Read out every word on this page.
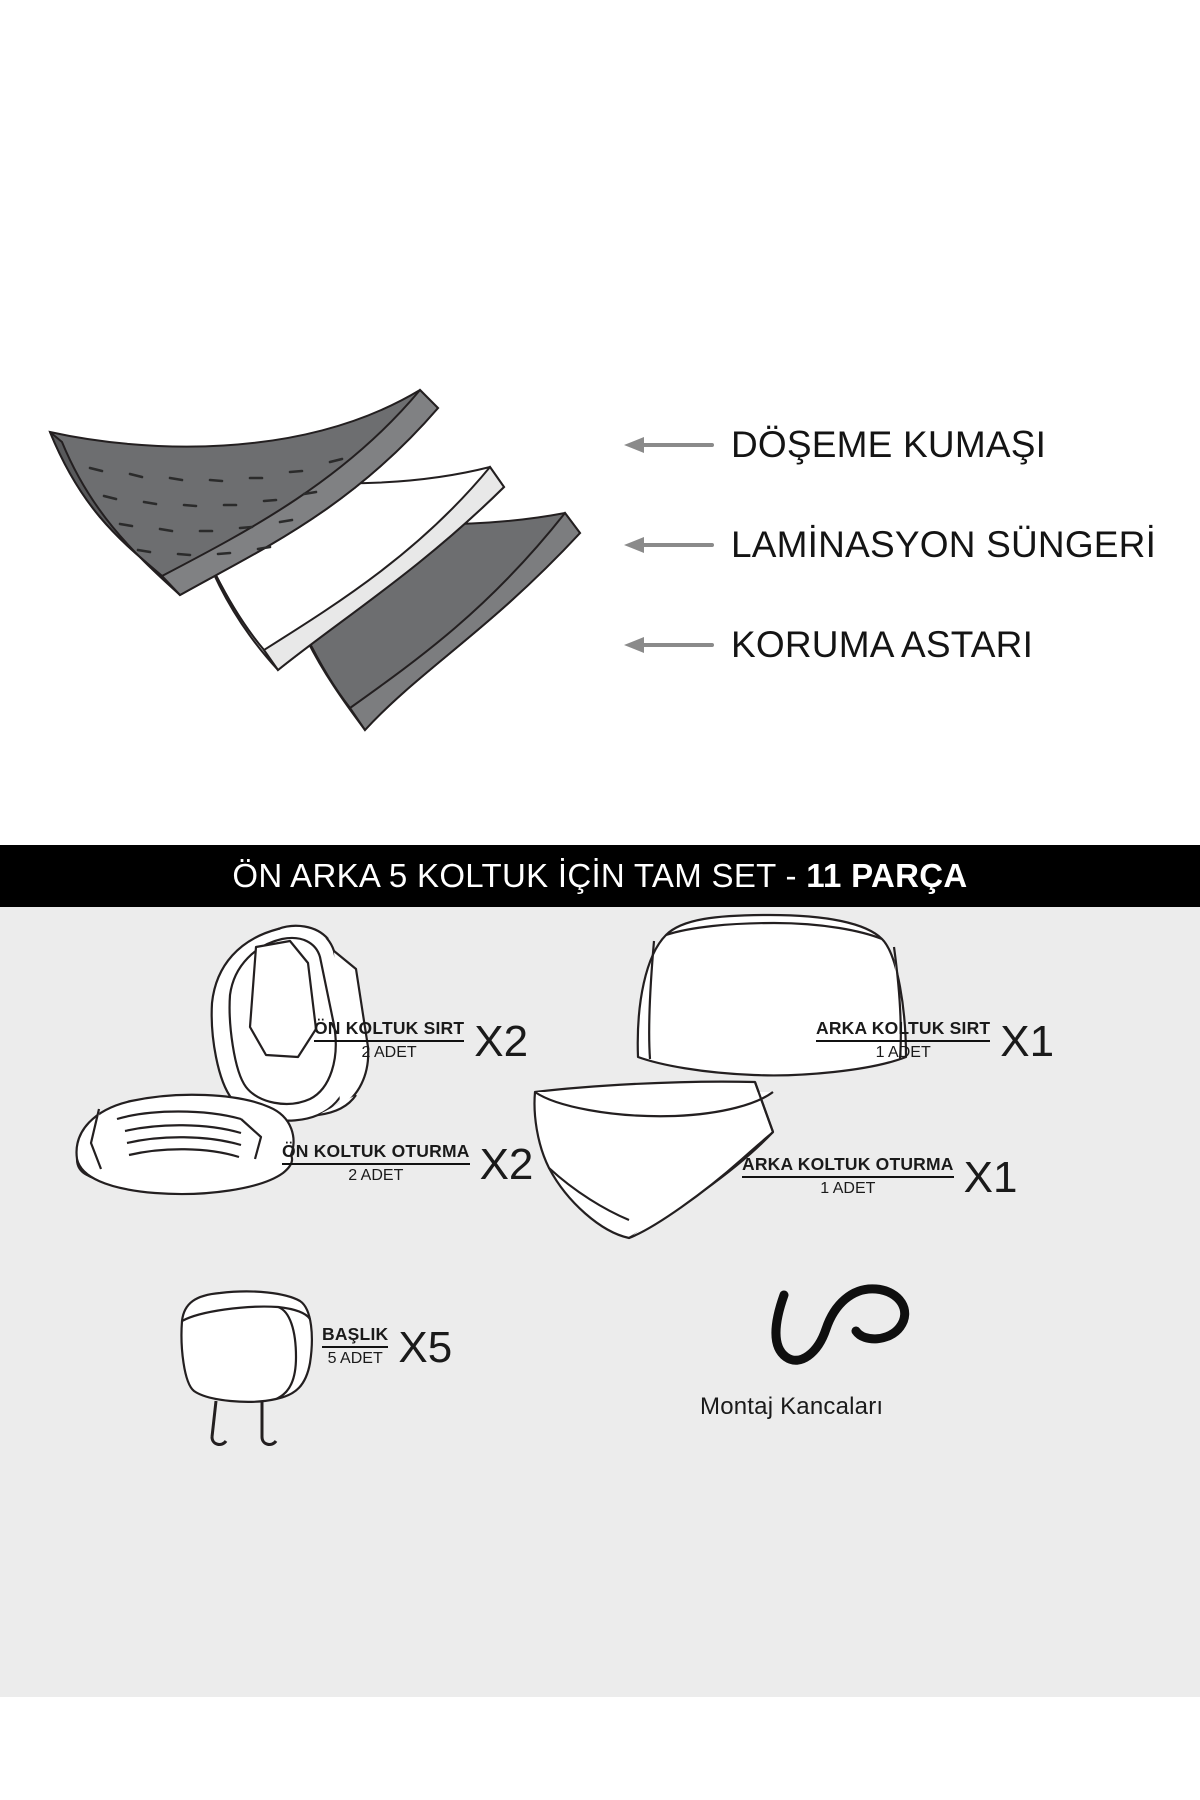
DÖŞEME KUMAŞI
LAMİNASYON SÜNGERİ
KORUMA ASTARI
ÖN ARKA 5 KOLTUK İÇİN TAM SET - 11 PARÇA
ÖN KOLTUK SIRT
2 ADET	X2
ÖN KOLTUK OTURMA
2 ADET	X2
ARKA KOLTUK SIRT
1 ADET	X1
ARKA KOLTUK OTURMA
1 ADET	X1
BAŞLIK
5 ADET X5
Montaj Kancaları
